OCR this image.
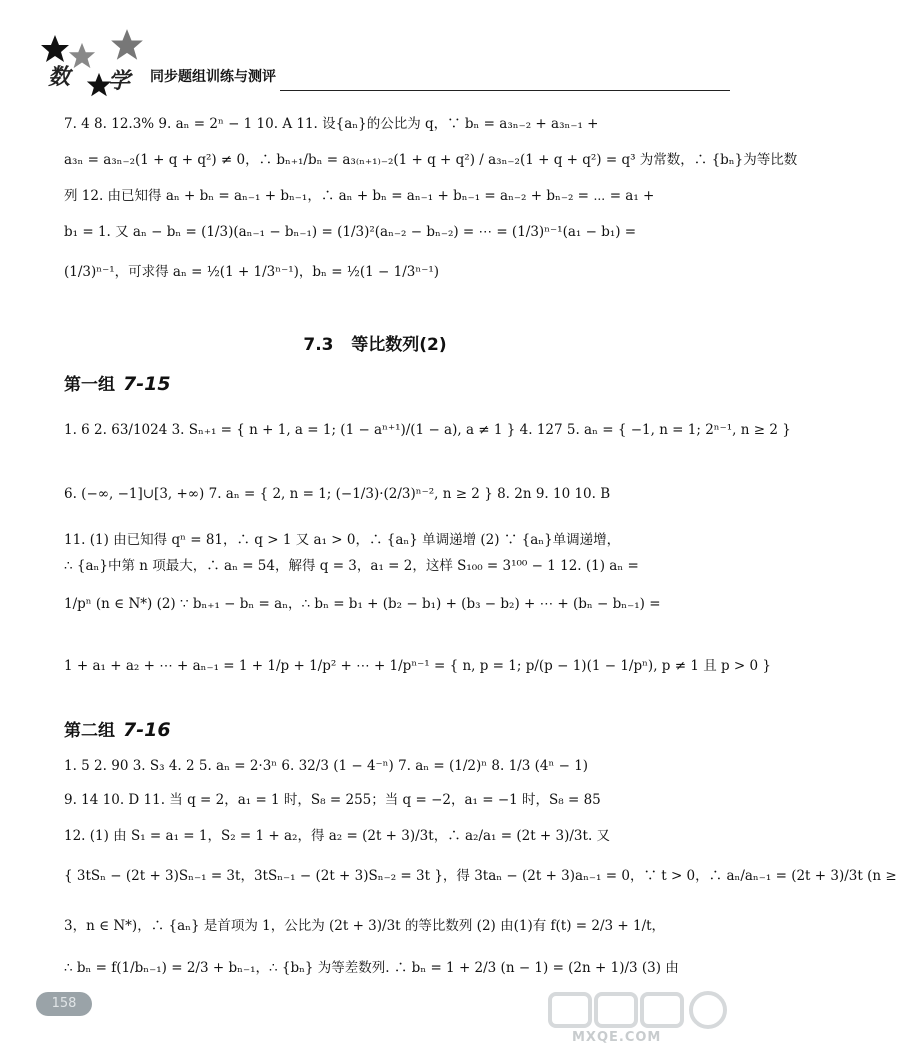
数 学 同步题组训练与测评
7. 4 8. 12.3% 9. aₙ = 2ⁿ − 1 10. A 11. 设{aₙ}的公比为 q，∵ bₙ = a₃ₙ₋₂ + a₃ₙ₋₁ +
a₃ₙ = a₃ₙ₋₂(1 + q + q²) ≠ 0，∴ bₙ₊₁/bₙ = a₃₍ₙ₊₁₎₋₂(1 + q + q²) / a₃ₙ₋₂(1 + q + q²) = q³ 为常数，∴ {bₙ}为等比数
列 12. 由已知得 aₙ + bₙ = aₙ₋₁ + bₙ₋₁，∴ aₙ + bₙ = aₙ₋₁ + bₙ₋₁ = aₙ₋₂ + bₙ₋₂ = ⋯ = a₁ +
b₁ = 1. 又 aₙ − bₙ = (1/3)(aₙ₋₁ − bₙ₋₁) = (1/3)²(aₙ₋₂ − bₙ₋₂) = ⋯ = (1/3)ⁿ⁻¹(a₁ − b₁) =
(1/3)ⁿ⁻¹，可求得 aₙ = ½(1 + 1/3ⁿ⁻¹)，bₙ = ½(1 − 1/3ⁿ⁻¹)
7.3 等比数列(2)
第一组 7-15
1. 6 2. 63/1024 3. Sₙ₊₁ = { n + 1, a = 1; (1 − aⁿ⁺¹)/(1 − a), a ≠ 1 } 4. 127 5. aₙ = { −1, n = 1; 2ⁿ⁻¹, n ≥ 2 }
6. (−∞, −1]∪[3, +∞) 7. aₙ = { 2, n = 1; (−1/3)·(2/3)ⁿ⁻², n ≥ 2 } 8. 2n 9. 10 10. B
11. (1) 由已知得 qⁿ = 81，∴ q > 1 又 a₁ > 0，∴ {aₙ} 单调递增 (2) ∵ {aₙ}单调递增，
∴ {aₙ}中第 n 项最大，∴ aₙ = 54，解得 q = 3，a₁ = 2，这样 S₁₀₀ = 3¹⁰⁰ − 1 12. (1) aₙ =
1/pⁿ (n ∈ N*) (2) ∵ bₙ₊₁ − bₙ = aₙ，∴ bₙ = b₁ + (b₂ − b₁) + (b₃ − b₂) + ⋯ + (bₙ − bₙ₋₁) =
1 + a₁ + a₂ + ⋯ + aₙ₋₁ = 1 + 1/p + 1/p² + ⋯ + 1/pⁿ⁻¹ = { n, p = 1; p/(p − 1)(1 − 1/pⁿ), p ≠ 1 且 p > 0 }
第二组 7-16
1. 5 2. 90 3. S₃ 4. 2 5. aₙ = 2·3ⁿ 6. 32/3 (1 − 4⁻ⁿ) 7. aₙ = (1/2)ⁿ 8. 1/3 (4ⁿ − 1)
9. 14 10. D 11. 当 q = 2，a₁ = 1 时，S₈ = 255；当 q = −2，a₁ = −1 时，S₈ = 85
12. (1) 由 S₁ = a₁ = 1，S₂ = 1 + a₂，得 a₂ = (2t + 3)/3t，∴ a₂/a₁ = (2t + 3)/3t. 又
{ 3tSₙ − (2t + 3)Sₙ₋₁ = 3t，3tSₙ₋₁ − (2t + 3)Sₙ₋₂ = 3t }，得 3taₙ − (2t + 3)aₙ₋₁ = 0，∵ t > 0，∴ aₙ/aₙ₋₁ = (2t + 3)/3t (n ≥
3，n ∈ N*)，∴ {aₙ} 是首项为 1，公比为 (2t + 3)/3t 的等比数列 (2) 由(1)有 f(t) = 2/3 + 1/t，
∴ bₙ = f(1/bₙ₋₁) = 2/3 + bₙ₋₁，∴ {bₙ} 为等差数列. ∴ bₙ = 1 + 2/3 (n − 1) = (2n + 1)/3 (3) 由
158
MXQE.COM
